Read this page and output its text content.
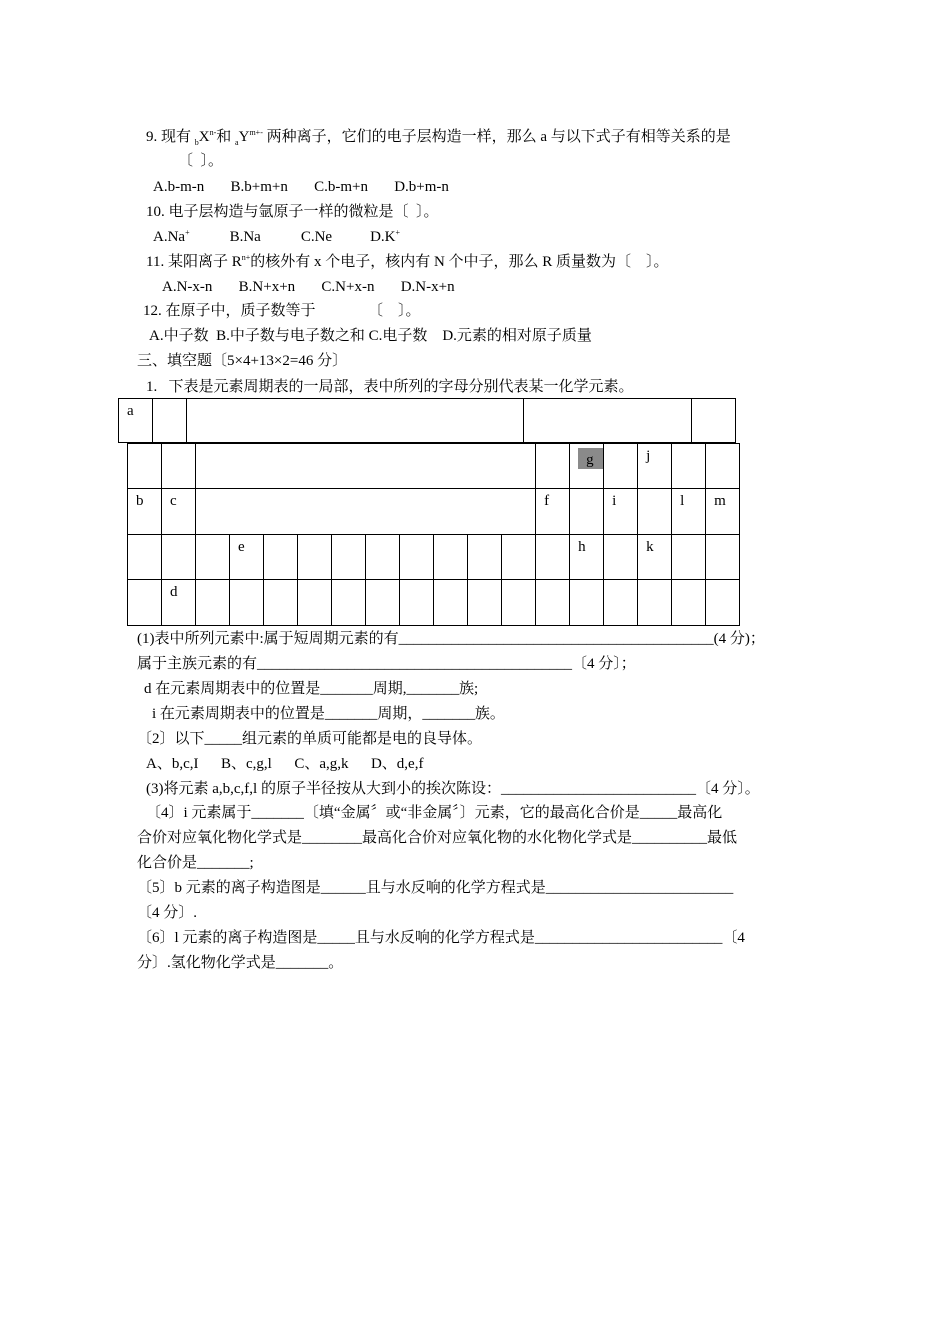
9. 现有 $_bX^{n-}$和 $_aY^{m+-}$ 两种离子，它们的电子层构造一样，那么 a 与以下式子有相等关系的是
〔  〕。
A.b-m-n       B.b+m+n       C.b-m+n       D.b+m-n
10. 电子层构造与氩原子一样的微粒是〔  〕。
A.Na+	B.Na	C.Ne	D.K+
11. 某阳离子 $R^{n+}$的核外有 x 个电子，核内有 N 个中子，那么 R 质量数为〔    〕。
A.N-x-n       B.N+x+n       C.N+x-n       D.N-x+n
12. 在原子中，质子数等于              〔    〕。
A.中子数  B.中子数与电子数之和 C.电子数    D.元素的相对原子质量
三、填空题〔5×4+13×2=46 分〕
1.   下表是元素周期表的一局部，表中所列的字母分别代表某一化学元素。
a

													g		j		

b	c											f		i		l	m

			e										h		k		

	d																

(1)表中所列元素中:属于短周期元素的有__________________________________________(4 分)；
属于主族元素的有__________________________________________〔4 分〕；
d 在元素周期表中的位置是_______周期,_______族;
i 在元素周期表中的位置是_______周期，_______族。
〔2〕以下_____组元素的单质可能都是电的良导体。
A、b,c,I      B、c,g,l      C、a,g,k      D、d,e,f
(3)将元素 a,b,c,f,l 的原子半径按从大到小的挨次陈设：__________________________〔4 分〕。
〔4〕i 元素属于_______〔填“金属〞或“非金属〞〕元素，它的最高化合价是_____最高化
合价对应氧化物化学式是________最高化合价对应氧化物的水化物化学式是__________最低
化合价是_______;
〔5〕b 元素的离子构造图是______且与水反响的化学方程式是_________________________
〔4 分〕.
〔6〕l 元素的离子构造图是_____且与水反响的化学方程式是_________________________〔4
分〕.氢化物化学式是_______。
